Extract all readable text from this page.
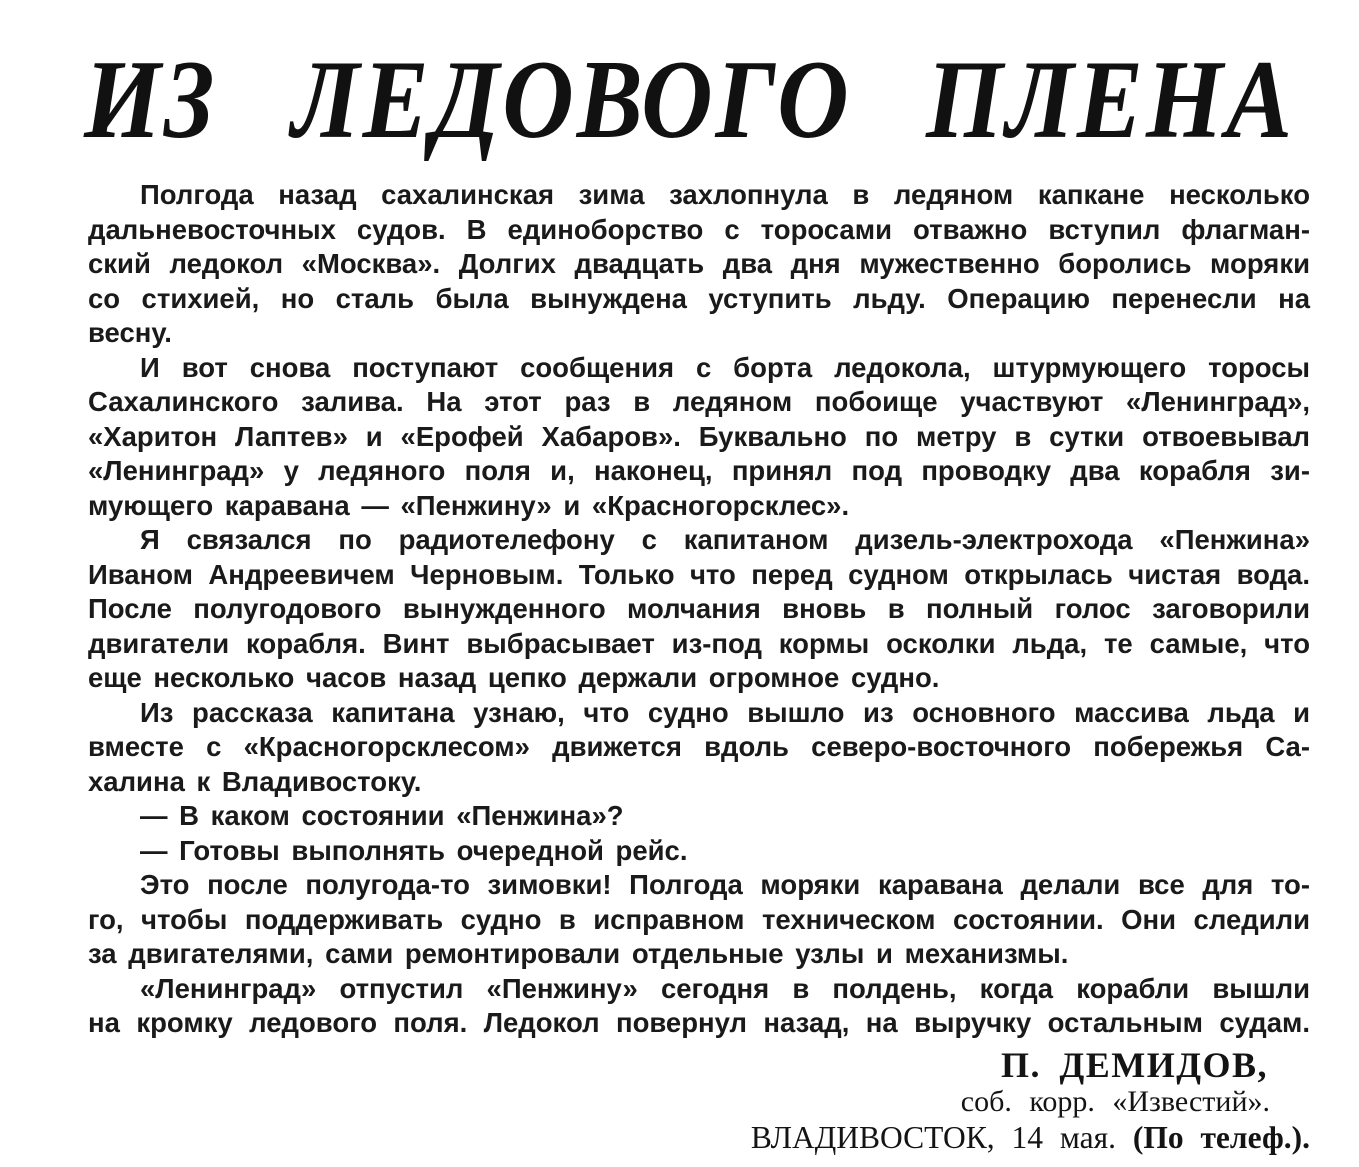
ИЗ ЛЕДОВОГО ПЛЕНА
Полгода назад сахалинская зима захлопнула в ледяном капкане несколько
дальневосточных судов. В единоборство с торосами отважно вступил флагман-
ский ледокол «Москва». Долгих двадцать два дня мужественно боролись моряки
со стихией, но сталь была вынуждена уступить льду. Операцию перенесли на
весну.
И вот снова поступают сообщения с борта ледокола, штурмующего торосы
Сахалинского залива. На этот раз в ледяном побоище участвуют «Ленинград»,
«Харитон Лаптев» и «Ерофей Хабаров». Буквально по метру в сутки отвоевывал
«Ленинград» у ледяного поля и, наконец, принял под проводку два корабля зи-
мующего каравана — «Пенжину» и «Красногорсклес».
Я связался по радиотелефону с капитаном дизель-электрохода «Пенжина»
Иваном Андреевичем Черновым. Только что перед судном открылась чистая вода.
После полугодового вынужденного молчания вновь в полный голос заговорили
двигатели корабля. Винт выбрасывает из-под кормы осколки льда, те самые, что
еще несколько часов назад цепко держали огромное судно.
Из рассказа капитана узнаю, что судно вышло из основного массива льда и
вместе с «Красногорсклесом» движется вдоль северо-восточного побережья Са-
халина к Владивостоку.
— В каком состоянии «Пенжина»?
— Готовы выполнять очередной рейс.
Это после полугода-то зимовки! Полгода моряки каравана делали все для то-
го, чтобы поддерживать судно в исправном техническом состоянии. Они следили
за двигателями, сами ремонтировали отдельные узлы и механизмы.
«Ленинград» отпустил «Пенжину» сегодня в полдень, когда корабли вышли
на кромку ледового поля. Ледокол повернул назад, на выручку остальным судам.
П. ДЕМИДОВ,
соб. корр. «Известий».
ВЛАДИВОСТОК, 14 мая. (По телеф.).
